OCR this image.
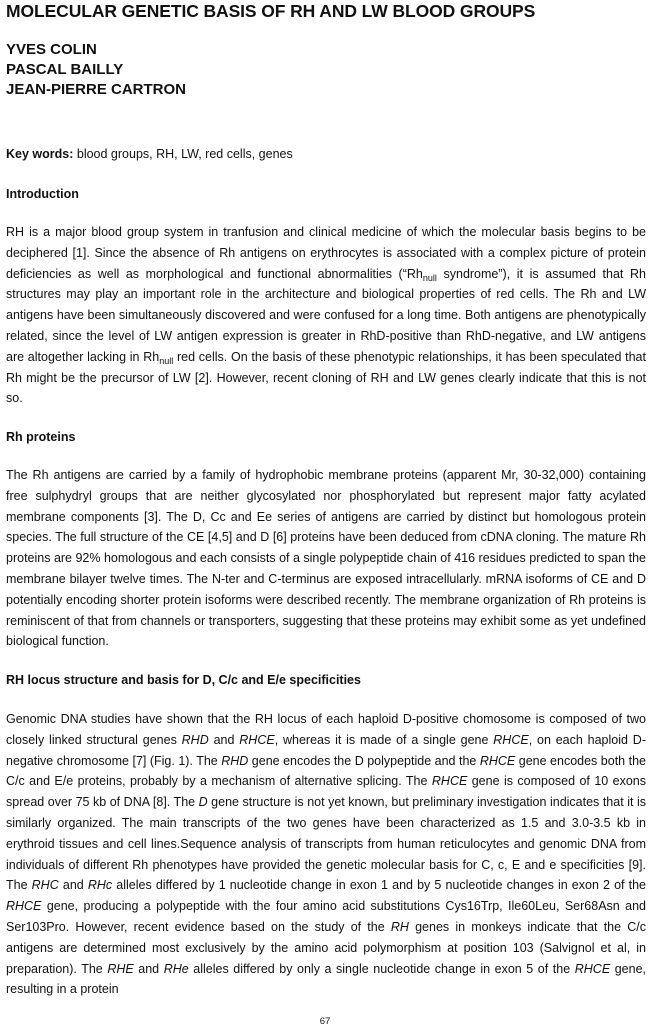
MOLECULAR GENETIC BASIS OF RH AND LW BLOOD GROUPS
YVES COLIN
PASCAL BAILLY
JEAN-PIERRE CARTRON
Key words: blood groups, RH, LW, red cells, genes
Introduction

RH is a major blood group system in tranfusion and clinical medicine of which the molecular basis begins to be deciphered [1]. Since the absence of Rh antigens on erythrocytes is associated with a complex picture of protein deficiencies as well as morphological and functional abnormalities (“$Rh_{null}$ syndrome”), it is assumed that Rh structures may play an important role in the architecture and biological properties of red cells. The Rh and LW antigens have been simultaneously discovered and were confused for a long time. Both antigens are phenotypically related, since the level of LW antigen expression is greater in RhD-positive than RhD-negative, and LW antigens are altogether lacking in $Rh_{null}$ red cells. On the basis of these phenotypic relationships, it has been speculated that Rh might be the precursor of LW [2]. However, recent cloning of RH and LW genes clearly indicate that this is not so.

Rh proteins

The Rh antigens are carried by a family of hydrophobic membrane proteins (apparent Mr, 30-32,000) containing free sulphydryl groups that are neither glycosylated nor phosphorylated but represent major fatty acylated membrane components [3]. The D, Cc and Ee series of antigens are carried by distinct but homologous protein species. The full structure of the CE [4,5] and D [6] proteins have been deduced from cDNA cloning. The mature Rh proteins are 92% homologous and each consists of a single polypeptide chain of 416 residues predicted to span the membrane bilayer twelve times. The N-ter and C-terminus are exposed intracellularly. mRNA isoforms of CE and D potentially encoding shorter protein isoforms were described recently. The membrane organization of Rh proteins is reminiscent of that from channels or transporters, suggesting that these proteins may exhibit some as yet undefined biological function.

RH locus structure and basis for D, C/c and E/e specificities

Genomic DNA studies have shown that the RH locus of each haploid D-positive chomosome is composed of two closely linked structural genes RHD and RHCE, whereas it is made of a single gene RHCE, on each haploid D-negative chromosome [7] (Fig. 1). The RHD gene encodes the D polypeptide and the RHCE gene encodes both the C/c and E/e proteins, probably by a mechanism of alternative splicing. The RHCE gene is composed of 10 exons spread over 75 kb of DNA [8]. The D gene structure is not yet known, but preliminary investigation indicates that it is similarly organized. The main transcripts of the two genes have been characterized as 1.5 and 3.0-3.5 kb in erythroid tissues and cell lines.Sequence analysis of transcripts from human reticulocytes and genomic DNA from individuals of different Rh phenotypes have provided the genetic molecular basis for C, c, E and e specificities [9]. The RHC and RHc alleles differed by 1 nucleotide change in exon 1 and by 5 nucleotide changes in exon 2 of the RHCE gene, producing a polypeptide with the four amino acid substitutions Cys16Trp, Ile60Leu, Ser68Asn and Ser103Pro. However, recent evidence based on the study of the RH genes in monkeys indicate that the C/c antigens are determined most exclusively by the amino acid polymorphism at position 103 (Salvignol et al, in preparation). The RHE and RHe alleles differed by only a single nucleotide change in exon 5 of the RHCE gene, resulting in a protein

67
